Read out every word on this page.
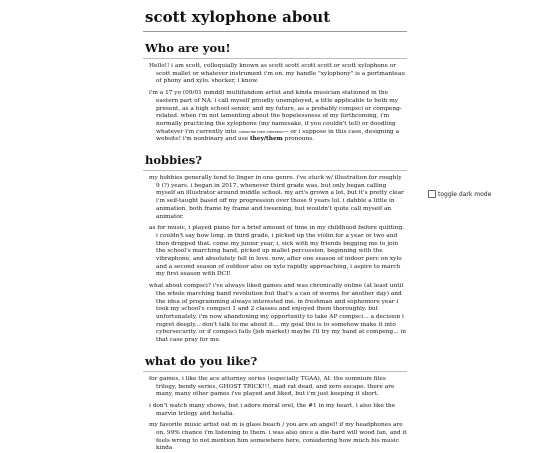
scott xylophone about
Who are you!

Hello!! i am scott, colloquially known as scott scott scott scott or scott xylophone or scott mallet or whatever instrument i'm on. my handle "xylophony" is a portmanteau of phony and xylo. shocker, i know.

i'm a 17 yo (09/01 mmdd) multifandom artist and kinda musician stationed in the eastern part of NA. i call myself proudly unemployed, a title applicable to both my present, as a high school senior, and my future, as a probably compsci or compeng-related. when i'm not lamenting about the hopelessness of my forthcoming, i'm normally practicing the xylophone (my namesake, if you couldn't tell) or doodling whatever i'm currently into <describe their interests>-- or i suppose in this case, designing a website! i'm nonbinary and use they/them pronouns.

hobbies?

my hobbies generally tend to linger in one genre. i've stuck w/ illustration for roughly 9 (?) years. i began in 2017, whenever third grade was, but only began calling myself an illustrator around middle school. my art's grown a lot, but it's pretty clear i'm self-taught based off my progression over those 9 years lol. i dabble a little in animation, both frame by frame and tweening, but wouldn't quite call myself an animator.

as for music, i played piano for a brief amount of time in my childhood before quitting. i couldn't say how long. in third grade, i picked up the violin for a year or two and then dropped that. come my junior year, i, sick with my friends begging me to join the school's marching band, picked up mallet percussion, beginning with the vibraphone, and absolutely fell in love. now, after one season of indoor perc on xylo and a second season of outdoor also on xylo rapidly approaching, i aspire to march my first season with DCI!

what about compsci? i've always liked games and was chronically online (at least until the whole marching band revolution but that's a can of worms for another day) and the idea of programming always interested me. in freshman and sophomore year i took my school's compsci 1 and 2 classes and enjoyed them thoroughly. but unfortunately, i'm now abandoning my opportunity to take AP compsci... a decision i regret deeply... don't talk to me about it... my goal tho is to somehow make it into cybersecurity. or if compsci fails (job market) maybe i'll try my hand at compeng... in that case pray for me.

what do you like?

for games, i like the ace attorney series (especially TGAA), AI: the somnium files trilogy, bendy series, GHOST TRICK!!!, mad rat dead, and zero escape. there are many, many other games i've played and liked, but i'm just keeping it short.

i don't watch many shows, but i adore moral orel, the #1 in my heart. i also like the marvin trilogy and hetalia.

my favorite music artist oat m is glass beach / you are an angel! if my headphones are on, 99% chance i'm listening to them. i was also once a die-hard will wood fan, and it feels wrong to not mention him somewhere here, considering how much his music kinda

toggle dark mode
